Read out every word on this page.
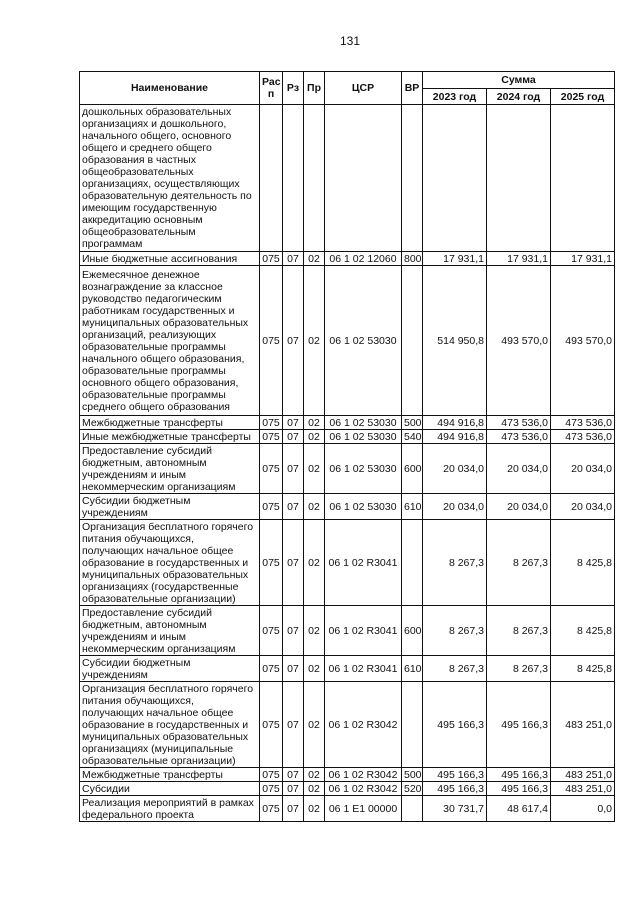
131
Наименование	Рас п	Рз	Пр	ЦСР	ВР	Сумма		
						2023 год	2024 год	2025 год
дошкольных образовательных организациях и дошкольного, начального общего, основного общего и среднего общего образования в частных общеобразовательных организациях, осуществляющих образовательную деятельность по имеющим государственную аккредитацию основным общеобразовательным программам								
Иные бюджетные ассигнования	075	07	02	06 1 02 12060	800	17 931,1	17 931,1	17 931,1
Ежемесячное денежное вознаграждение за классное руководство педагогическим работникам государственных и муниципальных образовательных организаций, реализующих образовательные программы начального общего образования, образовательные программы основного общего образования, образовательные программы среднего общего образования	075	07	02	06 1 02 53030		514 950,8	493 570,0	493 570,0
Межбюджетные трансферты	075	07	02	06 1 02 53030	500	494 916,8	473 536,0	473 536,0
Иные межбюджетные трансферты	075	07	02	06 1 02 53030	540	494 916,8	473 536,0	473 536,0
Предоставление субсидий бюджетным, автономным учреждениям и иным некоммерческим организациям	075	07	02	06 1 02 53030	600	20 034,0	20 034,0	20 034,0
Субсидии бюджетным учреждениям	075	07	02	06 1 02 53030	610	20 034,0	20 034,0	20 034,0
Организация бесплатного горячего питания обучающихся, получающих начальное общее образование в государственных и муниципальных образовательных организациях (государственные образовательные организации)	075	07	02	06 1 02 R3041		8 267,3	8 267,3	8 425,8
Предоставление субсидий бюджетным, автономным учреждениям и иным некоммерческим организациям	075	07	02	06 1 02 R3041	600	8 267,3	8 267,3	8 425,8
Субсидии бюджетным учреждениям	075	07	02	06 1 02 R3041	610	8 267,3	8 267,3	8 425,8
Организация бесплатного горячего питания обучающихся, получающих начальное общее образование в государственных и муниципальных образовательных организациях (муниципальные образовательные организации)	075	07	02	06 1 02 R3042		495 166,3	495 166,3	483 251,0
Межбюджетные трансферты	075	07	02	06 1 02 R3042	500	495 166,3	495 166,3	483 251,0
Субсидии	075	07	02	06 1 02 R3042	520	495 166,3	495 166,3	483 251,0
Реализация мероприятий в рамках федерального проекта	075	07	02	06 1 E1 00000		30 731,7	48 617,4	0,0
